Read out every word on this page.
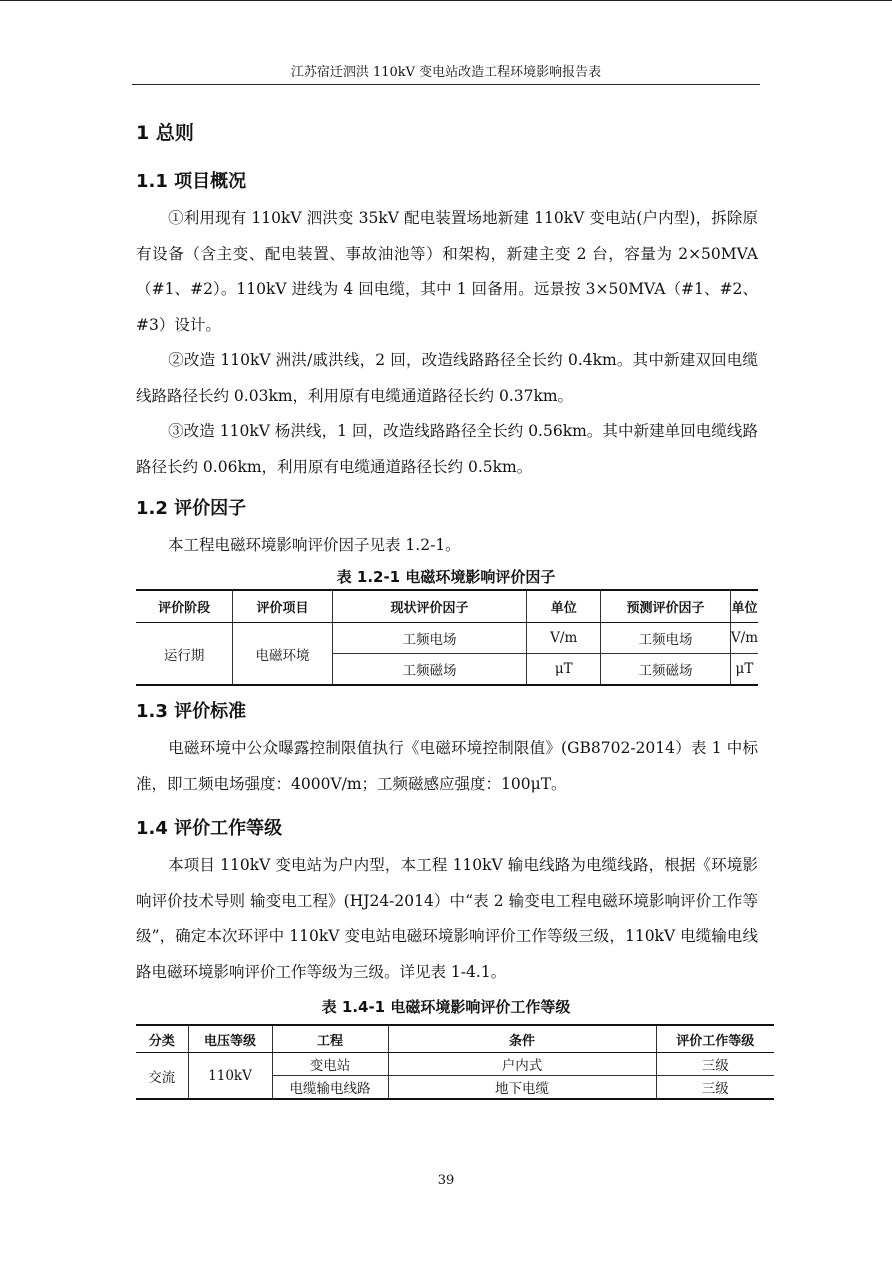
江苏宿迁泗洪 110kV 变电站改造工程环境影响报告表
1 总则
1.1 项目概况
①利用现有 110kV 泗洪变 35kV 配电装置场地新建 110kV 变电站(户内型)，拆除原有设备（含主变、配电装置、事故油池等）和架构，新建主变 2 台，容量为 2×50MVA（#1、#2）。110kV 进线为 4 回电缆，其中 1 回备用。远景按 3×50MVA（#1、#2、#3）设计。
②改造 110kV 洲洪/戚洪线，2 回，改造线路路径全长约 0.4km。其中新建双回电缆线路路径长约 0.03km，利用原有电缆通道路径长约 0.37km。
③改造 110kV 杨洪线，1 回，改造线路路径全长约 0.56km。其中新建单回电缆线路路径长约 0.06km，利用原有电缆通道路径长约 0.5km。
1.2 评价因子
本工程电磁环境影响评价因子见表 1.2-1。
表 1.2-1 电磁环境影响评价因子
评价阶段	评价项目	现状评价因子	单位	预测评价因子	单位
运行期	电磁环境	工频电场	V/m	工频电场	V/m
		工频磁场	μT	工频磁场	μT
1.3 评价标准
电磁环境中公众曝露控制限值执行《电磁环境控制限值》(GB8702-2014）表 1 中标准，即工频电场强度：4000V/m；工频磁感应强度：100μT。
1.4 评价工作等级
本项目 110kV 变电站为户内型，本工程 110kV 输电线路为电缆线路，根据《环境影响评价技术导则 输变电工程》(HJ24-2014）中“表 2 输变电工程电磁环境影响评价工作等级”，确定本次环评中 110kV 变电站电磁环境影响评价工作等级三级，110kV 电缆输电线路电磁环境影响评价工作等级为三级。详见表 1-4.1。
表 1.4-1 电磁环境影响评价工作等级
分类	电压等级	工程	条件	评价工作等级
交流	110kV	变电站	户内式	三级
		电缆输电线路	地下电缆	三级
39
